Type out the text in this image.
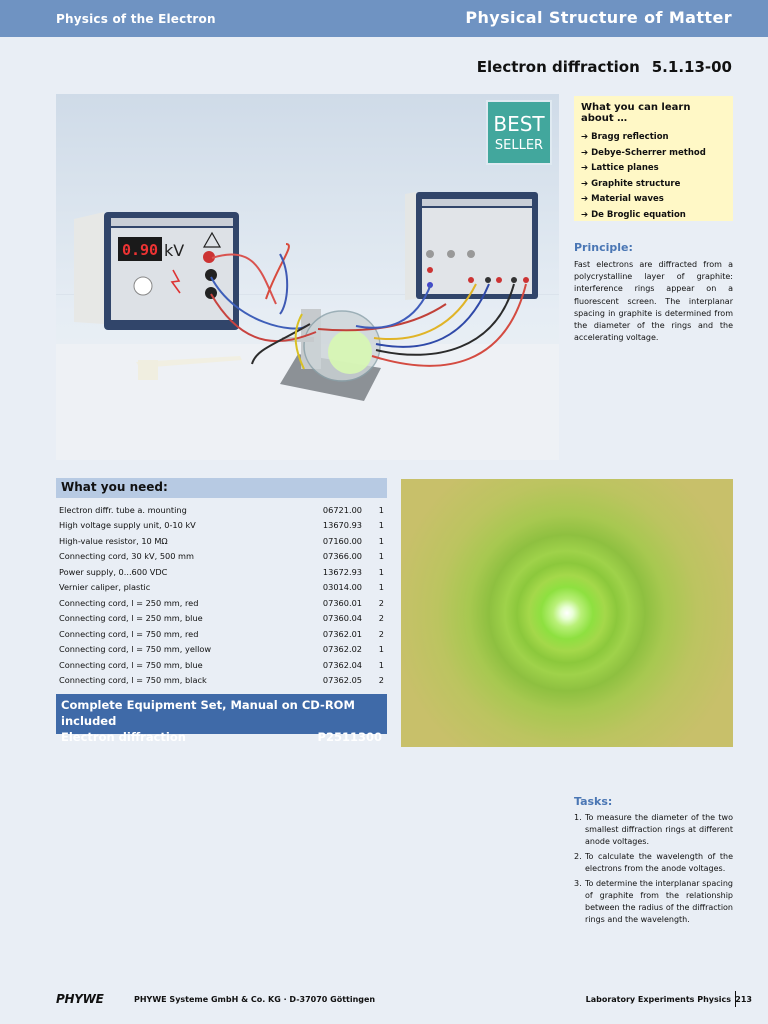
Physics of the Electron	Physical Structure of Matter
Electron diffraction 5.1.13-00
BEST
SELLER
0.90 kV
What you can learn about …
➔ Bragg reflection
➔ Debye-Scherrer method
➔ Lattice planes
➔ Graphite structure
➔ Material waves
➔ De Broglic equation
Principle:
Fast electrons are diffracted from a polycrystalline layer of graphite: interference rings appear on a fluorescent screen. The interplanar spacing in graphite is determined from the diameter of the rings and the accelerating voltage.
What you need:
Electron diffr. tube a. mounting	06721.00	1
High voltage supply unit, 0-10 kV	13670.93	1
High-value resistor, 10 MΩ	07160.00	1
Connecting cord, 30 kV, 500 mm	07366.00	1
Power supply, 0...600 VDC	13672.93	1
Vernier caliper, plastic	03014.00	1
Connecting cord, l = 250 mm, red	07360.01	2
Connecting cord, l = 250 mm, blue	07360.04	2
Connecting cord, l = 750 mm, red	07362.01	2
Connecting cord, l = 750 mm, yellow	07362.02	1
Connecting cord, l = 750 mm, blue	07362.04	1
Connecting cord, l = 750 mm, black	07362.05	2
Complete Equipment Set, Manual on CD-ROM included
Electron diffraction	P2511300
Tasks:
1. To measure the diameter of the two smallest diffraction rings at different anode voltages.
2. To calculate the wavelength of the electrons from the anode voltages.
3. To determine the interplanar spacing of graphite from the relationship between the radius of the diffraction rings and the wavelength.
PHYWE	PHYWE Systeme GmbH & Co. KG · D-37070 Göttingen	Laboratory Experiments Physics 213
